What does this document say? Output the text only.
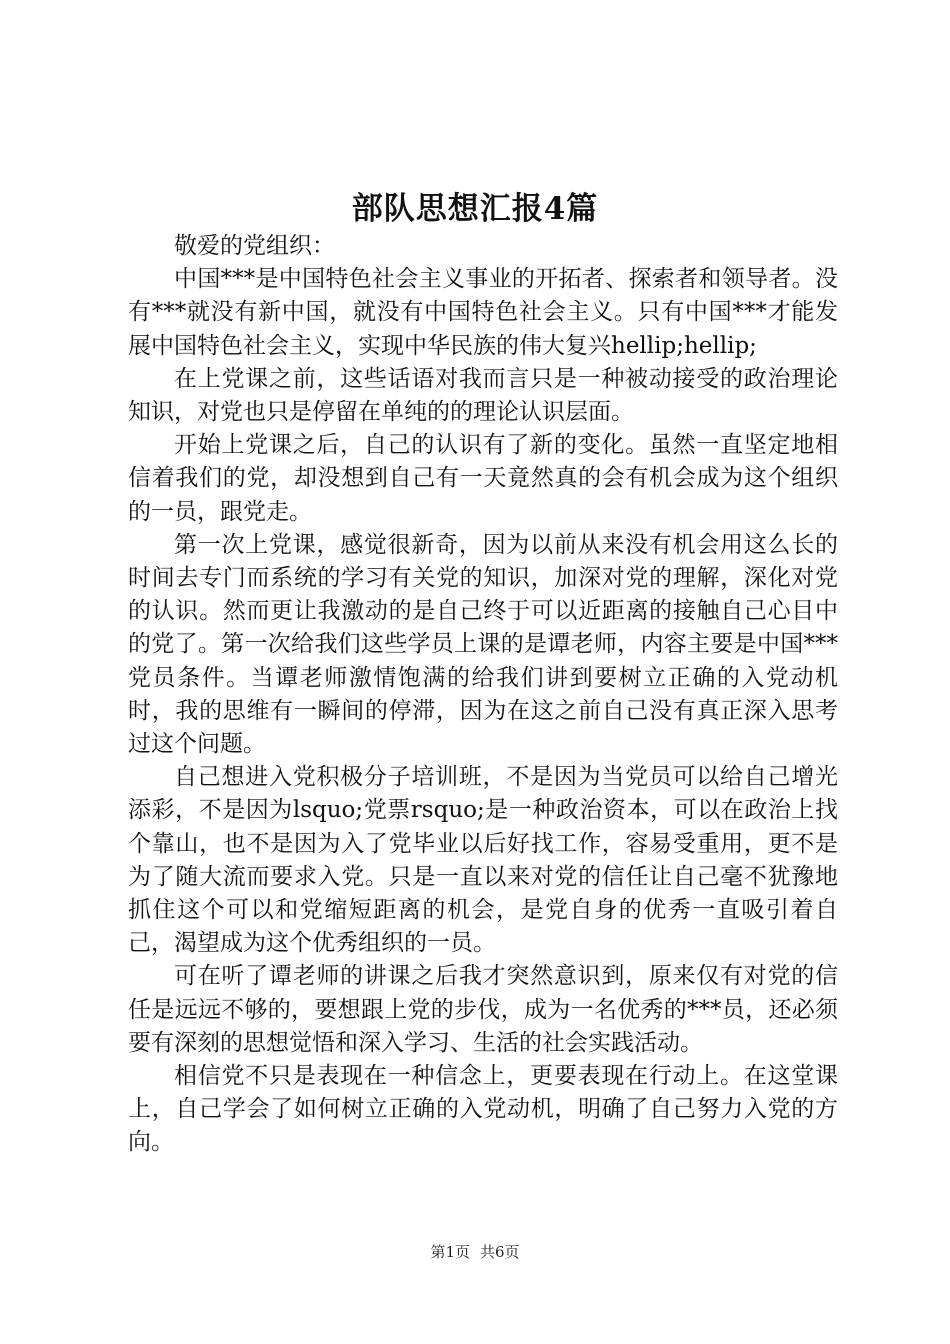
部队思想汇报4篇

敬爱的党组织：

中国***是中国特色社会主义事业的开拓者、探索者和领导者。没有***就没有新中国，就没有中国特色社会主义。只有中国***才能发展中国特色社会主义，实现中华民族的伟大复兴hellip;hellip;

在上党课之前，这些话语对我而言只是一种被动接受的政治理论知识，对党也只是停留在单纯的的理论认识层面。

开始上党课之后，自己的认识有了新的变化。虽然一直坚定地相信着我们的党，却没想到自己有一天竟然真的会有机会成为这个组织的一员，跟党走。

第一次上党课，感觉很新奇，因为以前从来没有机会用这么长的时间去专门而系统的学习有关党的知识，加深对党的理解，深化对党的认识。然而更让我激动的是自己终于可以近距离的接触自己心目中的党了。第一次给我们这些学员上课的是谭老师，内容主要是中国***党员条件。当谭老师激情饱满的给我们讲到要树立正确的入党动机时，我的思维有一瞬间的停滞，因为在这之前自己没有真正深入思考过这个问题。

自己想进入党积极分子培训班，不是因为当党员可以给自己增光添彩，不是因为lsquo;党票rsquo;是一种政治资本，可以在政治上找个靠山，也不是因为入了党毕业以后好找工作，容易受重用，更不是为了随大流而要求入党。只是一直以来对党的信任让自己毫不犹豫地抓住这个可以和党缩短距离的机会，是党自身的优秀一直吸引着自己，渴望成为这个优秀组织的一员。

可在听了谭老师的讲课之后我才突然意识到，原来仅有对党的信任是远远不够的，要想跟上党的步伐，成为一名优秀的***员，还必须要有深刻的思想觉悟和深入学习、生活的社会实践活动。

相信党不只是表现在一种信念上，更要表现在行动上。在这堂课上，自己学会了如何树立正确的入党动机，明确了自己努力入党的方向。

第1页 共6页
